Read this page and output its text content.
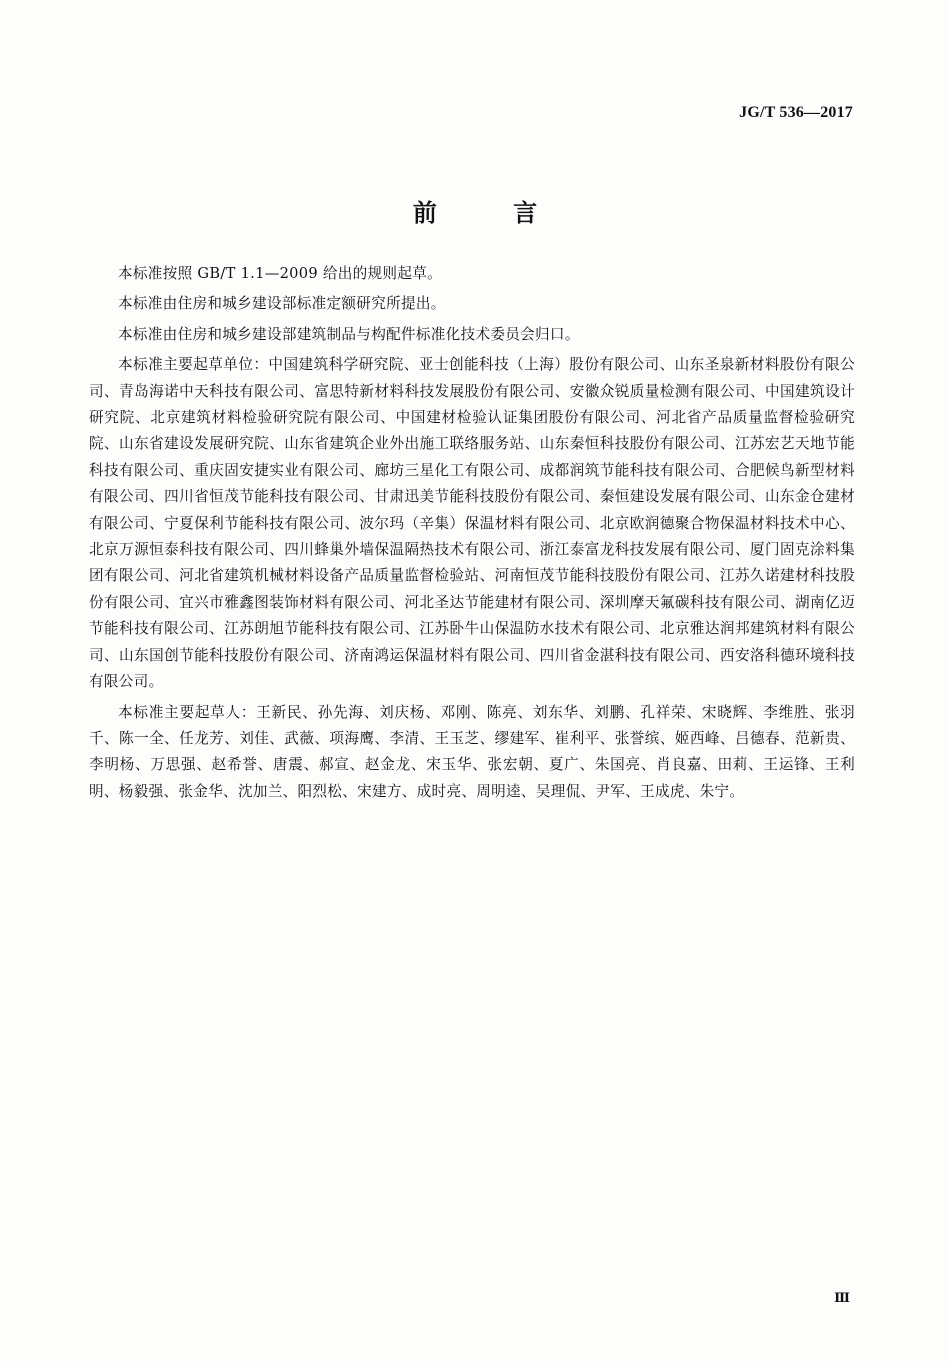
JG/T 536—2017
前 言

本标准按照 GB/T 1.1—2009 给出的规则起草。

本标准由住房和城乡建设部标准定额研究所提出。

本标准由住房和城乡建设部建筑制品与构配件标准化技术委员会归口。

本标准主要起草单位：中国建筑科学研究院、亚士创能科技（上海）股份有限公司、山东圣泉新材料股份有限公司、青岛海诺中天科技有限公司、富思特新材料科技发展股份有限公司、安徽众锐质量检测有限公司、中国建筑设计研究院、北京建筑材料检验研究院有限公司、中国建材检验认证集团股份有限公司、河北省产品质量监督检验研究院、山东省建设发展研究院、山东省建筑企业外出施工联络服务站、山东秦恒科技股份有限公司、江苏宏艺天地节能科技有限公司、重庆固安捷实业有限公司、廊坊三星化工有限公司、成都润筑节能科技有限公司、合肥候鸟新型材料有限公司、四川省恒茂节能科技有限公司、甘肃迅美节能科技股份有限公司、秦恒建设发展有限公司、山东金仓建材有限公司、宁夏保利节能科技有限公司、波尔玛（辛集）保温材料有限公司、北京欧润德聚合物保温材料技术中心、北京万源恒泰科技有限公司、四川蜂巢外墙保温隔热技术有限公司、浙江泰富龙科技发展有限公司、厦门固克涂料集团有限公司、河北省建筑机械材料设备产品质量监督检验站、河南恒茂节能科技股份有限公司、江苏久诺建材科技股份有限公司、宜兴市雅鑫图装饰材料有限公司、河北圣达节能建材有限公司、深圳摩天氟碳科技有限公司、湖南亿迈节能科技有限公司、江苏朗旭节能科技有限公司、江苏卧牛山保温防水技术有限公司、北京雅达润邦建筑材料有限公司、山东国创节能科技股份有限公司、济南鸿运保温材料有限公司、四川省金湛科技有限公司、西安洛科德环境科技有限公司。

本标准主要起草人：王新民、孙先海、刘庆杨、邓刚、陈亮、刘东华、刘鹏、孔祥荣、宋晓辉、李维胜、张羽千、陈一全、任龙芳、刘佳、武薇、项海鹰、李清、王玉芝、缪建军、崔利平、张誉缤、姬西峰、吕德春、范新贵、李明杨、万思强、赵希誉、唐震、郝宣、赵金龙、宋玉华、张宏朝、夏广、朱国亮、肖良嘉、田莉、王运锋、王利明、杨毅强、张金华、沈加兰、阳烈松、宋建方、成时亮、周明逵、吴理侃、尹军、王成虎、朱宁。

Ⅲ
